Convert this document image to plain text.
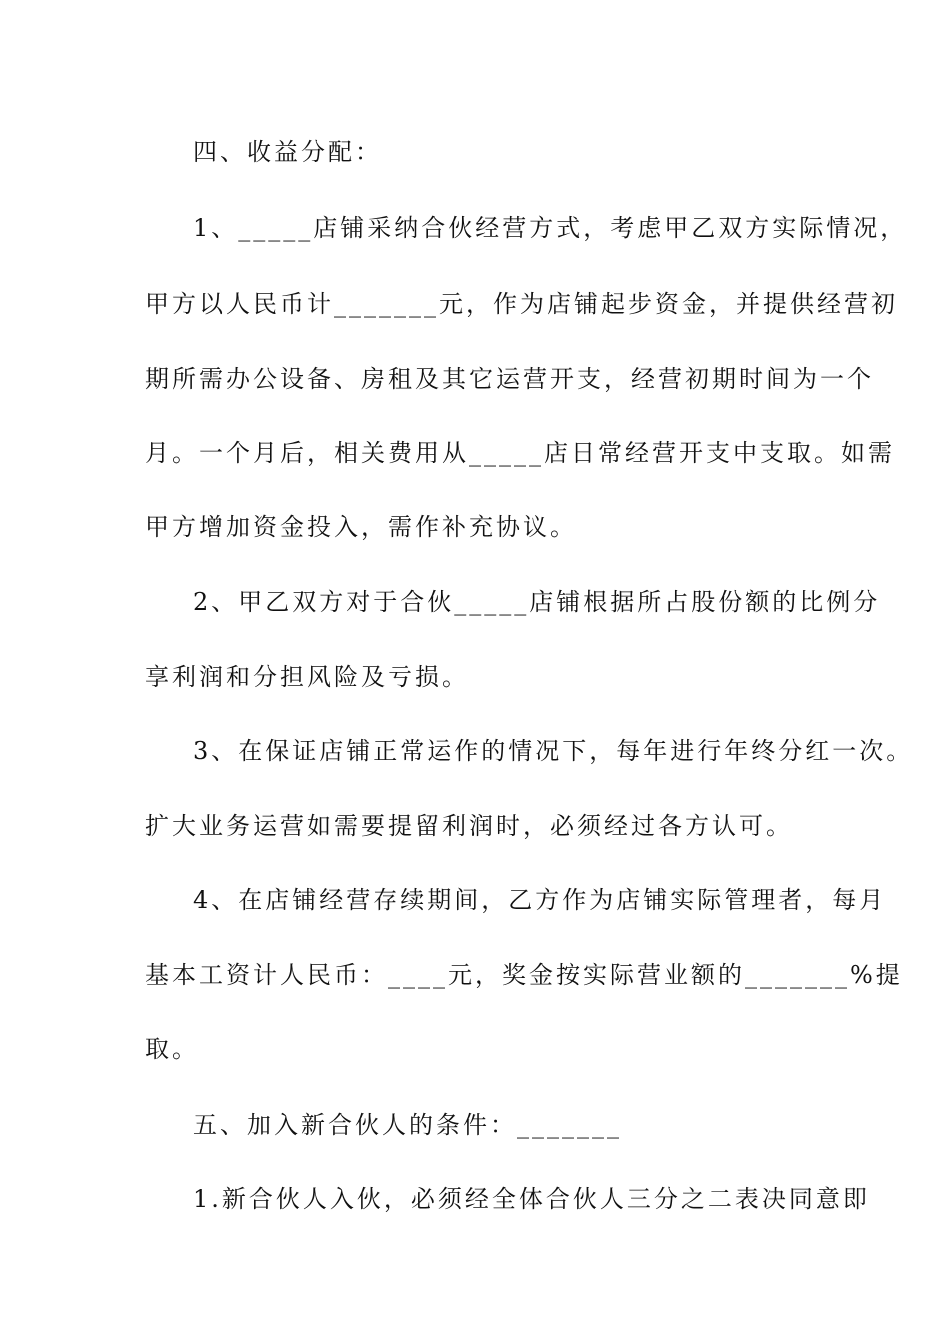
四、收益分配：
1、_____店铺采纳合伙经营方式，考虑甲乙双方实际情况，
甲方以人民币计_______元，作为店铺起步资金，并提供经营初
期所需办公设备、房租及其它运营开支，经营初期时间为一个
月。一个月后，相关费用从_____店日常经营开支中支取。如需
甲方增加资金投入，需作补充协议。
2、甲乙双方对于合伙_____店铺根据所占股份额的比例分
享利润和分担风险及亏损。
3、在保证店铺正常运作的情况下，每年进行年终分红一次。
扩大业务运营如需要提留利润时，必须经过各方认可。
4、在店铺经营存续期间，乙方作为店铺实际管理者，每月
基本工资计人民币：____元，奖金按实际营业额的_______%提
取。
五、加入新合伙人的条件：_______
1.新合伙人入伙，必须经全体合伙人三分之二表决同意即
